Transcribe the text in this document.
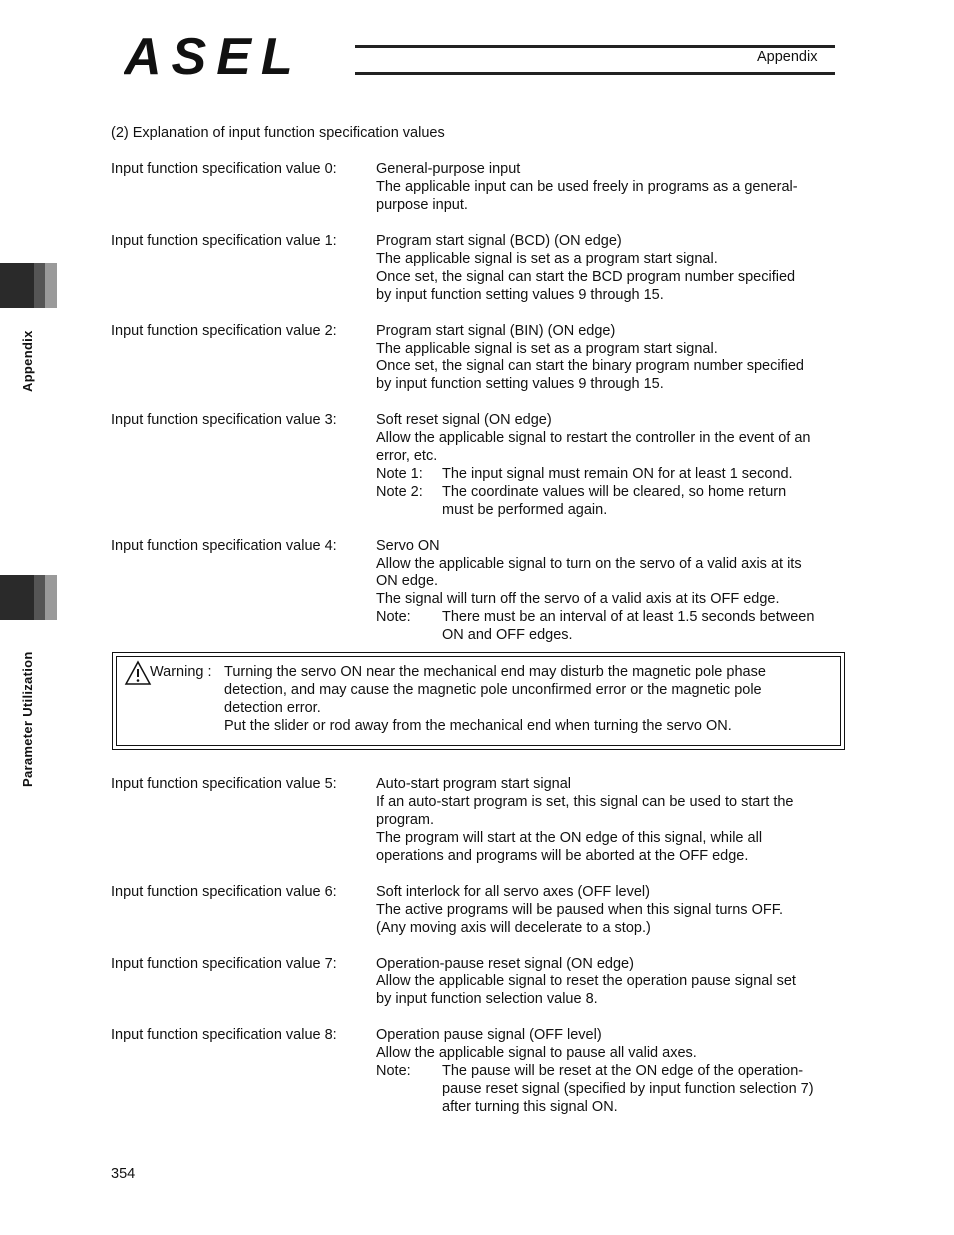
ASEL	Appendix
Appendix
Parameter Utilization
(2) Explanation of input function specification values
Input function specification value 0:	General-purpose input
The applicable input can be used freely in programs as a general-
purpose input.
Input function specification value 1:	Program start signal (BCD) (ON edge)
The applicable signal is set as a program start signal.
Once set, the signal can start the BCD program number specified
by input function setting values 9 through 15.
Input function specification value 2:	Program start signal (BIN) (ON edge)
The applicable signal is set as a program start signal.
Once set, the signal can start the binary program number specified
by input function setting values 9 through 15.
Input function specification value 3:	Soft reset signal (ON edge)
Allow the applicable signal to restart the controller in the event of an
error, etc.
Note 1: The input signal must remain ON for at least 1 second.
Note 2: The coordinate values will be cleared, so home return
must be performed again.
Input function specification value 4:	Servo ON
Allow the applicable signal to turn on the servo of a valid axis at its
ON edge.
The signal will turn off the servo of a valid axis at its OFF edge.
Note: There must be an interval of at least 1.5 seconds between
ON and OFF edges.
Warning : Turning the servo ON near the mechanical end may disturb the magnetic pole phase
detection, and may cause the magnetic pole unconfirmed error or the magnetic pole
detection error.
Put the slider or rod away from the mechanical end when turning the servo ON.
Input function specification value 5:	Auto-start program start signal
If an auto-start program is set, this signal can be used to start the
program.
The program will start at the ON edge of this signal, while all
operations and programs will be aborted at the OFF edge.
Input function specification value 6:	Soft interlock for all servo axes (OFF level)
The active programs will be paused when this signal turns OFF.
(Any moving axis will decelerate to a stop.)
Input function specification value 7:	Operation-pause reset signal (ON edge)
Allow the applicable signal to reset the operation pause signal set
by input function selection value 8.
Input function specification value 8:	Operation pause signal (OFF level)
Allow the applicable signal to pause all valid axes.
Note: The pause will be reset at the ON edge of the operation-
pause reset signal (specified by input function selection 7)
after turning this signal ON.
354
